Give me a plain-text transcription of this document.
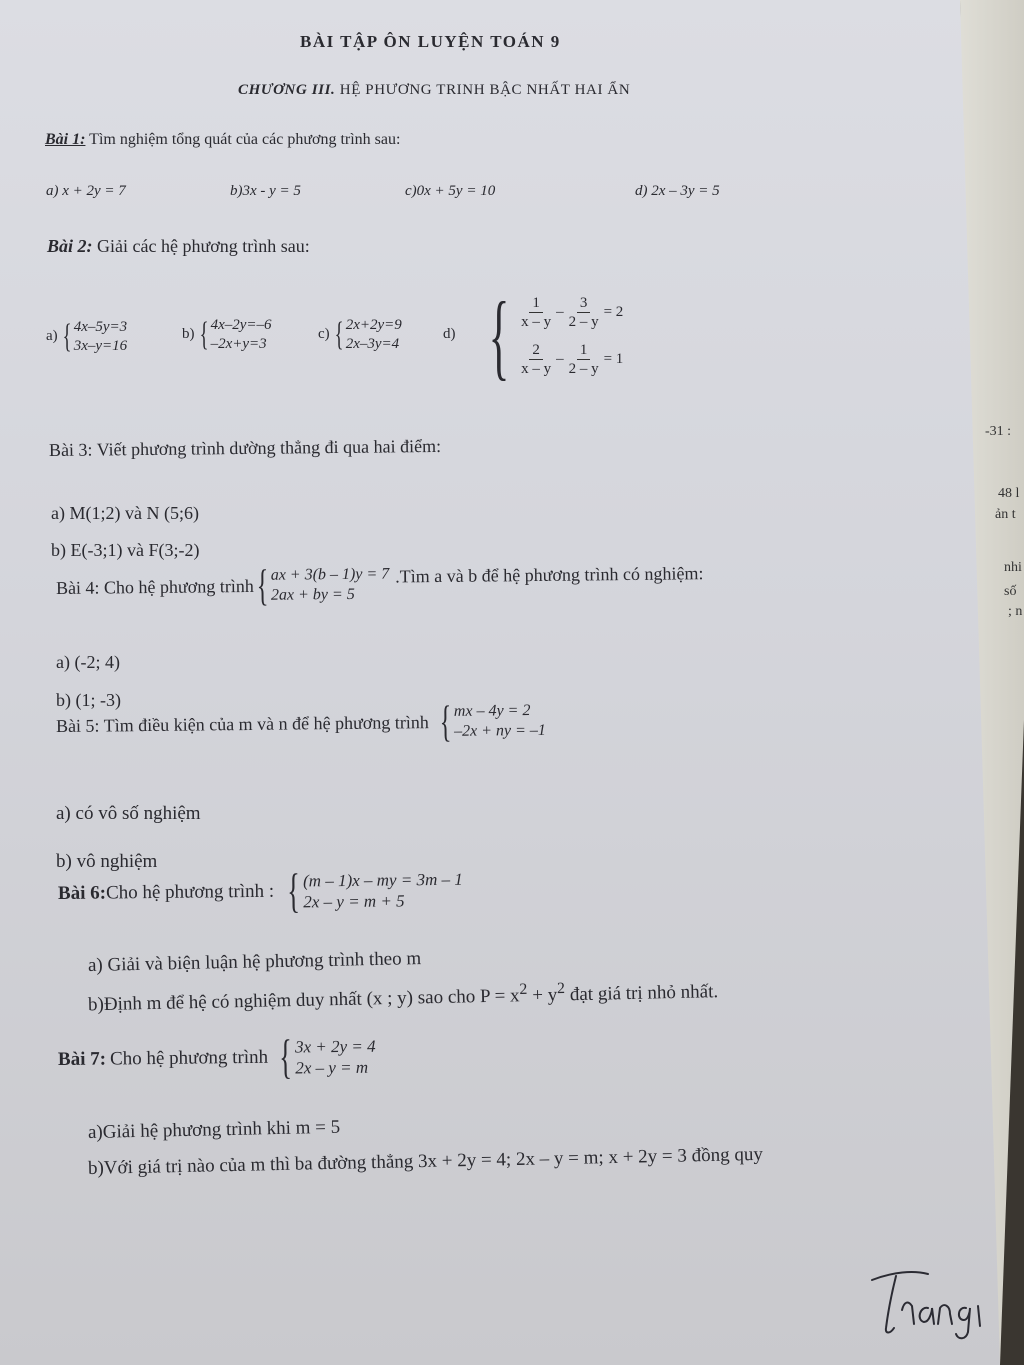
-31 :
48 l
ản t
nhi
số
; n
BÀI TẬP ÔN LUYỆN TOÁN 9
CHƯƠNG III. HỆ PHƯƠNG TRINH BẬC NHẤT HAI ẨN
Bài 1: Tìm nghiệm tổng quát của các phương trình sau:
a) x + 2y = 7	b)3x - y = 5	c)0x + 5y = 10	d) 2x – 3y = 5
Bài 2: Giải các hệ phương trình sau:
a) { 4x–5y=3
3x–y=16
b) { 4x–2y=–6
–2x+y=3
c) { 2x+2y=9
2x–3y=4
d) { $\frac{1}{x - y} - \frac{3}{2 - y} = 2$
$\frac{2}{x - y} - \frac{1}{2 - y} = 1$
Bài 3: Viết phương trình dường thẳng đi qua hai điểm:
a) M(1;2) và N (5;6)
b) E(-3;1) và F(3;-2)
Bài 4: Cho hệ phương trình { ax + 3(b – 1)y = 7
2ax + by = 5
.Tìm a và b để hệ phương trình có nghiệm:
a) (-2; 4)
b) (1; -3)
Bài 5: Tìm điều kiện của m và n để hệ phương trình { mx – 4y = 2
–2x + ny = –1
a) có vô số nghiệm
b) vô nghiệm
Bài 6: Cho hệ phương trình : { (m – 1)x – my = 3m – 1
2x – y = m + 5
a) Giải và biện luận hệ phương trình theo m
b)Định m để hệ có nghiệm duy nhất (x ; y) sao cho $P = x^2 + y^2$ đạt giá trị nhỏ nhất.
Bài 7: Cho hệ phương trình { 3x + 2y = 4
2x – y = m
a)Giải hệ phương trình khi m = 5
b)Với giá trị nào của m thì ba đường thẳng 3x + 2y = 4; 2x – y = m; x + 2y = 3 đồng quy
